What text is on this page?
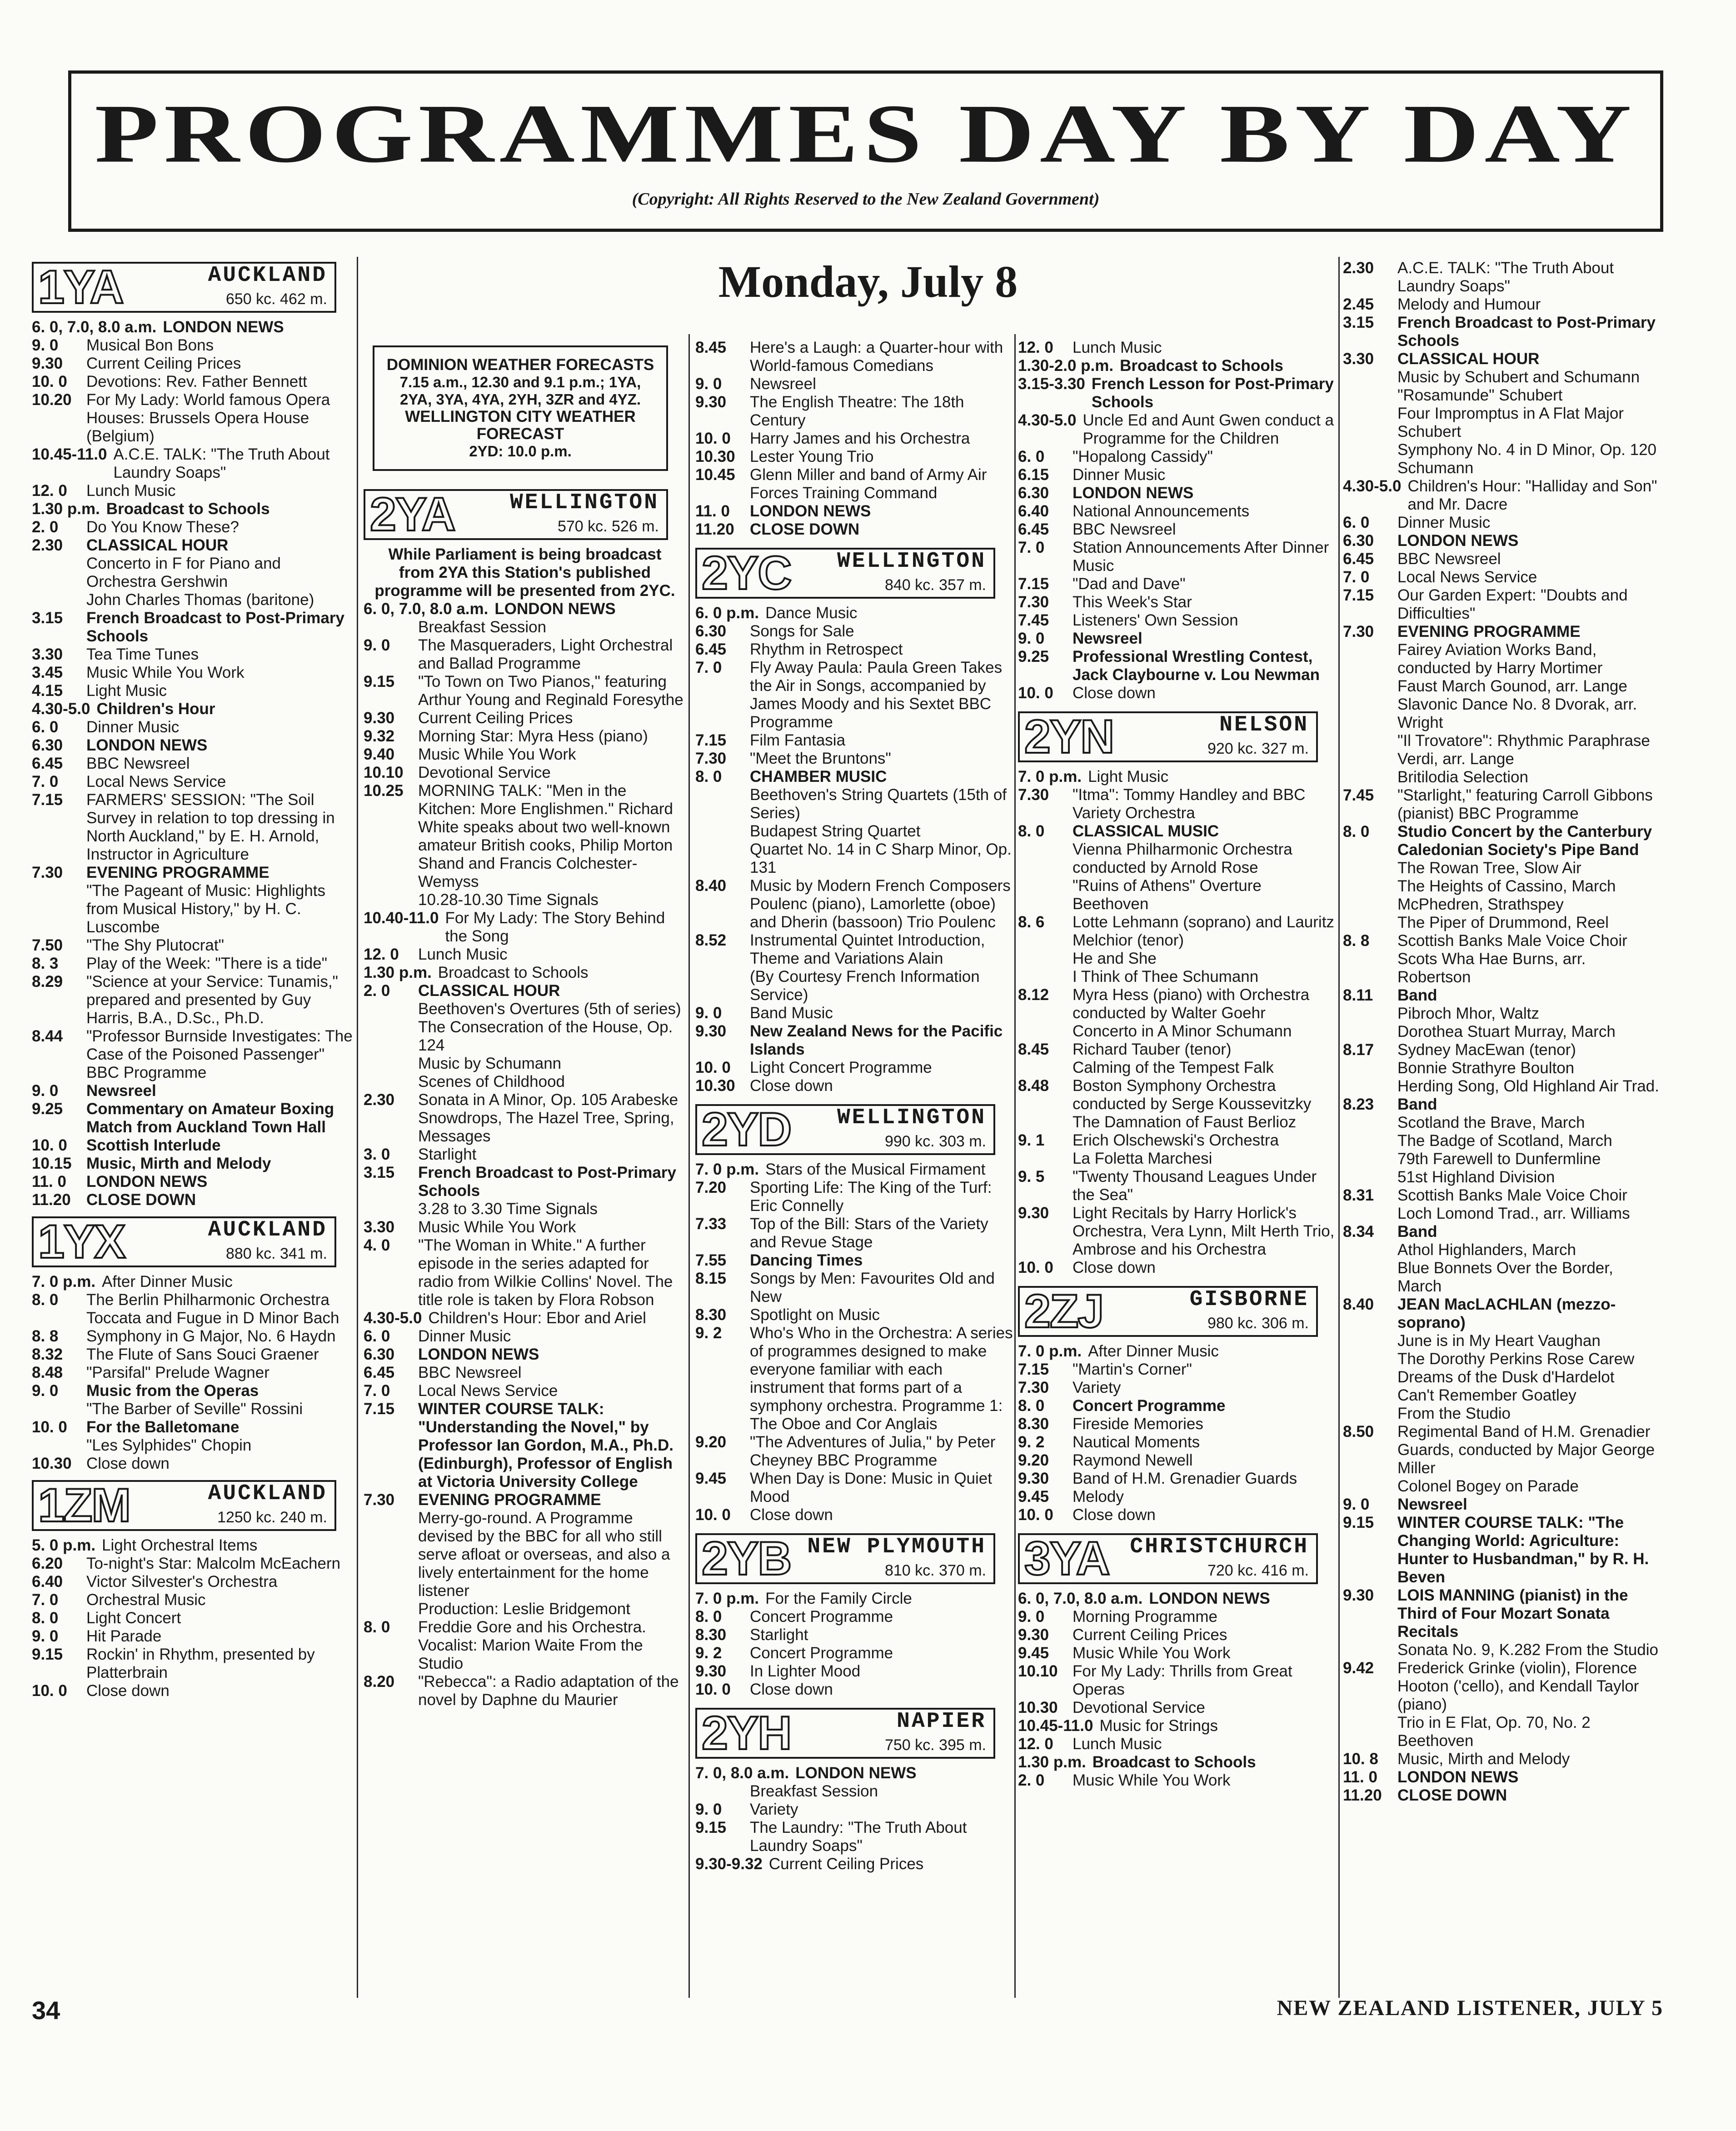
PROGRAMMES DAY BY DAY
(Copyright: All Rights Reserved to the New Zealand Government)
Monday, July 8
1YA	AUCKLAND
650 kc. 462 m.
6. 0, 7.0, 8.0 a.m. LONDON NEWS
9. 0	Musical Bon Bons
9.30	Current Ceiling Prices
10. 0	Devotions: Rev. Father Bennett
10.20 For My Lady: World famous Opera Houses: Brussels Opera House (Belgium)
10.45-11.0 A.C.E. TALK: "The Truth About Laundry Soaps"
12. 0	Lunch Music
1.30 p.m. Broadcast to Schools
2. 0	Do You Know These?
2.30	CLASSICAL HOUR
Concerto in F for Piano and Orchestra Gershwin
John Charles Thomas (baritone)
3.15	French Broadcast to Post-Primary Schools
3.30	Tea Time Tunes
3.45	Music While You Work
4.15	Light Music
4.30-5.0 Children's Hour
6. 0	Dinner Music
6.30	LONDON NEWS
6.45	BBC Newsreel
7. 0	Local News Service
7.15	FARMERS' SESSION: "The Soil Survey in relation to top dressing in North Auckland," by E. H. Arnold, Instructor in Agriculture
7.30	EVENING PROGRAMME
"The Pageant of Music: Highlights from Musical History," by H. C. Luscombe
7.50	"The Shy Plutocrat"
8. 3	Play of the Week: "There is a tide"
8.29	"Science at your Service: Tunamis," prepared and presented by Guy Harris, B.A., D.Sc., Ph.D.
8.44	"Professor Burnside Investigates: The Case of the Poisoned Passenger" BBC Programme
9. 0	Newsreel
9.25	Commentary on Amateur Boxing Match from Auckland Town Hall
10. 0	Scottish Interlude
10.15 Music, Mirth and Melody
11. 0	LONDON NEWS
11.20 CLOSE DOWN
1YX	AUCKLAND
880 kc. 341 m.
7. 0 p.m. After Dinner Music
8. 0	The Berlin Philharmonic Orchestra
Toccata and Fugue in D Minor Bach
8. 8	Symphony in G Major, No. 6 Haydn
8.32	The Flute of Sans Souci Graener
8.48	"Parsifal" Prelude Wagner
9. 0	Music from the Operas
"The Barber of Seville" Rossini
10. 0	For the Balletomane
"Les Sylphides" Chopin
10.30 Close down
1ZM	AUCKLAND
1250 kc. 240 m.
5. 0 p.m. Light Orchestral Items
6.20	To-night's Star: Malcolm McEachern
6.40	Victor Silvester's Orchestra
7. 0	Orchestral Music
8. 0	Light Concert
9. 0	Hit Parade
9.15	Rockin' in Rhythm, presented by Platterbrain
10. 0	Close down
DOMINION WEATHER FORECASTS
7.15 a.m., 12.30 and 9.1 p.m.; 1YA, 2YA, 3YA, 4YA, 2YH, 3ZR and 4YZ.
WELLINGTON CITY WEATHER FORECAST
2YD: 10.0 p.m.
2YA	WELLINGTON
570 kc. 526 m.
While Parliament is being broadcast from 2YA this Station's published programme will be presented from 2YC.
6. 0, 7.0, 8.0 a.m. LONDON NEWS
Breakfast Session
9. 0	The Masqueraders, Light Orchestral and Ballad Programme
9.15	"To Town on Two Pianos," featuring Arthur Young and Reginald Foresythe
9.30	Current Ceiling Prices
9.32	Morning Star: Myra Hess (piano)
9.40	Music While You Work
10.10 Devotional Service
10.25 MORNING TALK: "Men in the Kitchen: More Englishmen." Richard White speaks about two well-known amateur British cooks, Philip Morton Shand and Francis Colchester-Wemyss
10.28-10.30 Time Signals
10.40-11.0 For My Lady: The Story Behind the Song
12. 0	Lunch Music
1.30 p.m. Broadcast to Schools
2. 0	CLASSICAL HOUR
Beethoven's Overtures (5th of series)
The Consecration of the House, Op. 124
Music by Schumann
Scenes of Childhood
2.30	Sonata in A Minor, Op. 105 Arabeske
Snowdrops, The Hazel Tree, Spring, Messages
3. 0	Starlight
3.15	French Broadcast to Post-Primary Schools
3.28 to 3.30 Time Signals
3.30	Music While You Work
4. 0	"The Woman in White." A further episode in the series adapted for radio from Wilkie Collins' Novel. The title role is taken by Flora Robson
4.30-5.0 Children's Hour: Ebor and Ariel
6. 0	Dinner Music
6.30	LONDON NEWS
6.45	BBC Newsreel
7. 0	Local News Service
7.15	WINTER COURSE TALK: "Understanding the Novel," by Professor Ian Gordon, M.A., Ph.D. (Edinburgh), Professor of English at Victoria University College
7.30	EVENING PROGRAMME
Merry-go-round. A Programme devised by the BBC for all who still serve afloat or overseas, and also a lively entertainment for the home listener
Production: Leslie Bridgemont
8. 0	Freddie Gore and his Orchestra. Vocalist: Marion Waite From the Studio
8.20	"Rebecca": a Radio adaptation of the novel by Daphne du Maurier
8.45	Here's a Laugh: a Quarter-hour with World-famous Comedians
9. 0	Newsreel
9.30	The English Theatre: The 18th Century
10. 0	Harry James and his Orchestra
10.30 Lester Young Trio
10.45 Glenn Miller and band of Army Air Forces Training Command
11. 0	LONDON NEWS
11.20 CLOSE DOWN
2YC WELLINGTON
840 kc. 357 m.
6. 0 p.m. Dance Music
6.30	Songs for Sale
6.45	Rhythm in Retrospect
7. 0	Fly Away Paula: Paula Green Takes the Air in Songs, accompanied by James Moody and his Sextet BBC Programme
7.15	Film Fantasia
7.30	"Meet the Bruntons"
8. 0	CHAMBER MUSIC
Beethoven's String Quartets (15th of Series)
Budapest String Quartet
Quartet No. 14 in C Sharp Minor, Op. 131
8.40	Music by Modern French Composers
Poulenc (piano), Lamorlette (oboe) and Dherin (bassoon) Trio Poulenc
8.52	Instrumental Quintet Introduction, Theme and Variations Alain
(By Courtesy French Information Service)
9. 0	Band Music
9.30	New Zealand News for the Pacific Islands
10. 0	Light Concert Programme
10.30 Close down
2YD WELLINGTON
990 kc. 303 m.
7. 0 p.m. Stars of the Musical Firmament
7.20	Sporting Life: The King of the Turf: Eric Connelly
7.33	Top of the Bill: Stars of the Variety and Revue Stage
7.55	Dancing Times
8.15	Songs by Men: Favourites Old and New
8.30	Spotlight on Music
9. 2	Who's Who in the Orchestra: A series of programmes designed to make everyone familiar with each instrument that forms part of a symphony orchestra. Programme 1: The Oboe and Cor Anglais
9.20	"The Adventures of Julia," by Peter Cheyney BBC Programme
9.45	When Day is Done: Music in Quiet Mood
10. 0	Close down
2YB NEW PLYMOUTH
810 kc. 370 m.
7. 0 p.m. For the Family Circle
8. 0	Concert Programme
8.30	Starlight
9. 2	Concert Programme
9.30	In Lighter Mood
10. 0	Close down
2YH	NAPIER
750 kc. 395 m.
7. 0, 8.0 a.m. LONDON NEWS
Breakfast Session
9. 0	Variety
9.15	The Laundry: "The Truth About Laundry Soaps"
9.30-9.32 Current Ceiling Prices
12. 0	Lunch Music
1.30-2.0 p.m. Broadcast to Schools
3.15-3.30 French Lesson for Post-Primary Schools
4.30-5.0 Uncle Ed and Aunt Gwen conduct a Programme for the Children
6. 0	"Hopalong Cassidy"
6.15	Dinner Music
6.30	LONDON NEWS
6.40	National Announcements
6.45	BBC Newsreel
7. 0	Station Announcements After Dinner Music
7.15	"Dad and Dave"
7.30	This Week's Star
7.45	Listeners' Own Session
9. 0	Newsreel
9.25	Professional Wrestling Contest, Jack Claybourne v. Lou Newman
10. 0	Close down
2YN	NELSON
920 kc. 327 m.
7. 0 p.m. Light Music
7.30	"Itma": Tommy Handley and BBC Variety Orchestra
8. 0	CLASSICAL MUSIC
Vienna Philharmonic Orchestra conducted by Arnold Rose
"Ruins of Athens" Overture Beethoven
8. 6	Lotte Lehmann (soprano) and Lauritz Melchior (tenor)
He and She
I Think of Thee Schumann
8.12	Myra Hess (piano) with Orchestra conducted by Walter Goehr
Concerto in A Minor Schumann
8.45	Richard Tauber (tenor)
Calming of the Tempest Falk
8.48	Boston Symphony Orchestra conducted by Serge Koussevitzky
The Damnation of Faust Berlioz
9. 1	Erich Olschewski's Orchestra
La Foletta Marchesi
9. 5	"Twenty Thousand Leagues Under the Sea"
9.30	Light Recitals by Harry Horlick's Orchestra, Vera Lynn, Milt Herth Trio, Ambrose and his Orchestra
10. 0	Close down
2ZJ	GISBORNE
980 kc. 306 m.
7. 0 p.m. After Dinner Music
7.15	"Martin's Corner"
7.30	Variety
8. 0	Concert Programme
8.30	Fireside Memories
9. 2	Nautical Moments
9.20	Raymond Newell
9.30	Band of H.M. Grenadier Guards
9.45	Melody
10. 0	Close down
3YA CHRISTCHURCH
720 kc. 416 m.
6. 0, 7.0, 8.0 a.m. LONDON NEWS
9. 0	Morning Programme
9.30	Current Ceiling Prices
9.45	Music While You Work
10.10 For My Lady: Thrills from Great Operas
10.30 Devotional Service
10.45-11.0 Music for Strings
12. 0	Lunch Music
1.30 p.m. Broadcast to Schools
2. 0	Music While You Work
2.30	A.C.E. TALK: "The Truth About Laundry Soaps"
2.45	Melody and Humour
3.15	French Broadcast to Post-Primary Schools
3.30	CLASSICAL HOUR
Music by Schubert and Schumann
"Rosamunde" Schubert
Four Impromptus in A Flat Major Schubert
Symphony No. 4 in D Minor, Op. 120 Schumann
4.30-5.0 Children's Hour: "Halliday and Son" and Mr. Dacre
6. 0	Dinner Music
6.30	LONDON NEWS
6.45	BBC Newsreel
7. 0	Local News Service
7.15	Our Garden Expert: "Doubts and Difficulties"
7.30	EVENING PROGRAMME
Fairey Aviation Works Band, conducted by Harry Mortimer
Faust March Gounod, arr. Lange
Slavonic Dance No. 8 Dvorak, arr. Wright
"Il Trovatore": Rhythmic Paraphrase Verdi, arr. Lange
Britilodia Selection
7.45	"Starlight," featuring Carroll Gibbons (pianist) BBC Programme
8. 0	Studio Concert by the Canterbury Caledonian Society's Pipe Band
The Rowan Tree, Slow Air
The Heights of Cassino, March
McPhedren, Strathspey
The Piper of Drummond, Reel
8. 8	Scottish Banks Male Voice Choir
Scots Wha Hae Burns, arr. Robertson
8.11	Band
Pibroch Mhor, Waltz
Dorothea Stuart Murray, March
8.17	Sydney MacEwan (tenor)
Bonnie Strathyre Boulton
Herding Song, Old Highland Air Trad.
8.23	Band
Scotland the Brave, March
The Badge of Scotland, March
79th Farewell to Dunfermline
51st Highland Division
8.31	Scottish Banks Male Voice Choir
Loch Lomond Trad., arr. Williams
8.34	Band
Athol Highlanders, March
Blue Bonnets Over the Border, March
8.40	JEAN MacLACHLAN (mezzo-soprano)
June is in My Heart Vaughan
The Dorothy Perkins Rose Carew
Dreams of the Dusk d'Hardelot
Can't Remember Goatley
From the Studio
8.50	Regimental Band of H.M. Grenadier Guards, conducted by Major George Miller
Colonel Bogey on Parade
9. 0	Newsreel
9.15	WINTER COURSE TALK: "The Changing World: Agriculture: Hunter to Husbandman," by R. H. Beven
9.30	LOIS MANNING (pianist) in the Third of Four Mozart Sonata Recitals
Sonata No. 9, K.282 From the Studio
9.42	Frederick Grinke (violin), Florence Hooton ('cello), and Kendall Taylor (piano)
Trio in E Flat, Op. 70, No. 2 Beethoven
10. 8	Music, Mirth and Melody
11. 0	LONDON NEWS
11.20 CLOSE DOWN
34	NEW ZEALAND LISTENER, JULY 5
